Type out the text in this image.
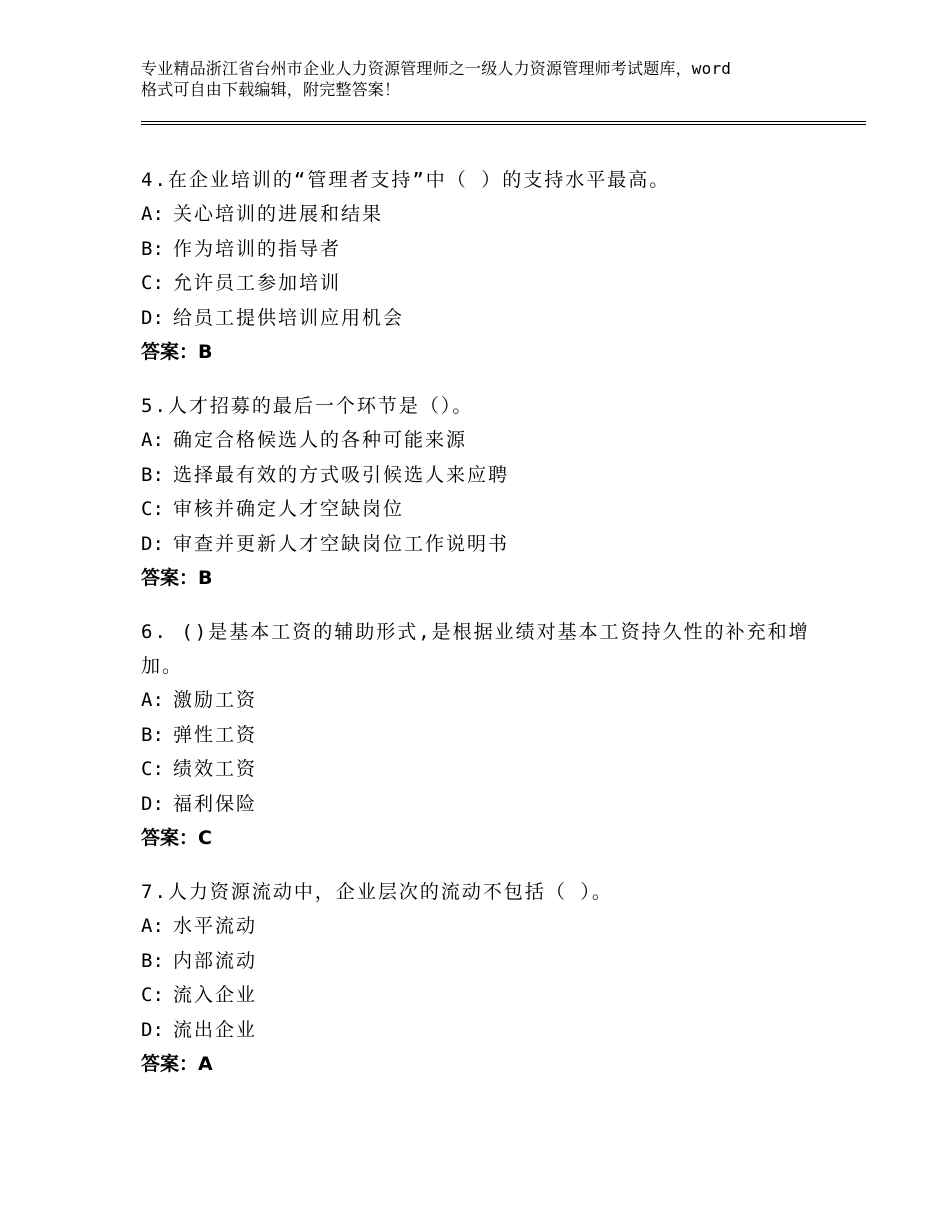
专业精品浙江省台州市企业人力资源管理师之一级人力资源管理师考试题库，word
格式可自由下载编辑，附完整答案！

4.在企业培训的“管理者支持”中（ ）的支持水平最高。

A: 关心培训的进展和结果

B: 作为培训的指导者

C: 允许员工参加培训

D: 给员工提供培训应用机会

答案：B

5.人才招募的最后一个环节是（）。

A: 确定合格候选人的各种可能来源

B: 选择最有效的方式吸引候选人来应聘

C: 审核并确定人才空缺岗位

D: 审查并更新人才空缺岗位工作说明书

答案：B

6. ()是基本工资的辅助形式,是根据业绩对基本工资持久性的补充和增加。

A: 激励工资

B: 弹性工资

C: 绩效工资

D: 福利保险

答案：C

7.人力资源流动中，企业层次的流动不包括（ ）。

A: 水平流动

B: 内部流动

C: 流入企业

D: 流出企业

答案：A
